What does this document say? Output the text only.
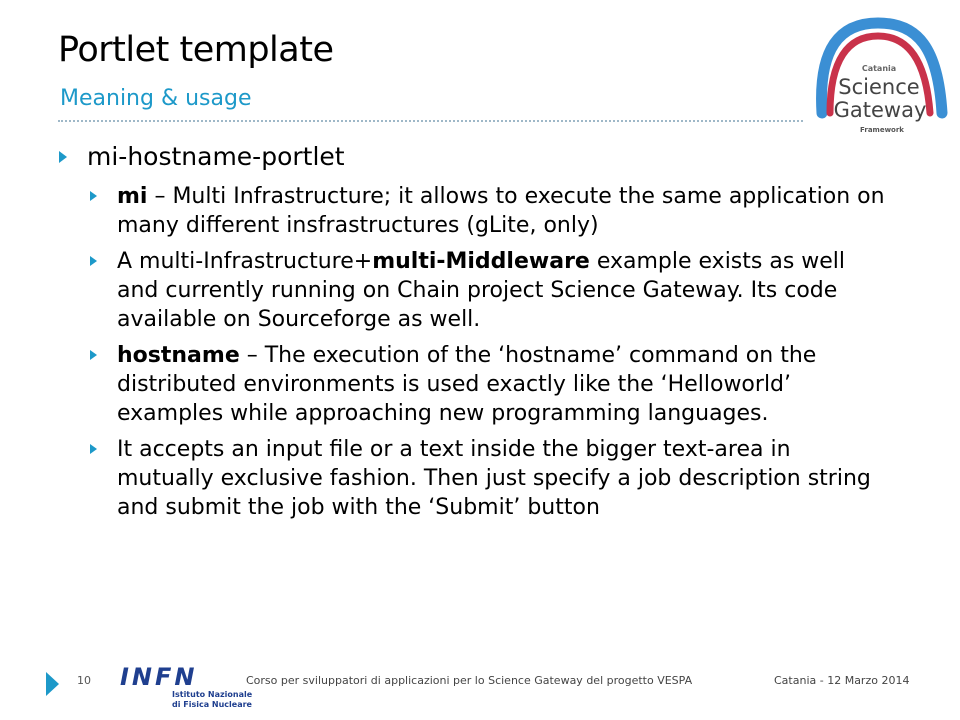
Portlet template
Meaning & usage
Catania
Science
Gateway
Framework
mi-hostname-portlet
mi – Multi Infrastructure; it allows to execute the same application on many different insfrastructures (gLite, only)
A multi-Infrastructure+multi-Middleware example exists as well and currently running on Chain project Science Gateway. Its code available on Sourceforge as well.
hostname – The execution of the ‘hostname’ command on the distributed environments is used exactly like the ‘Helloworld’ examples while approaching new programming languages.
It accepts an input file or a text inside the bigger text-area in mutually exclusive fashion. Then just specify a job description string and submit the job with the ‘Submit’ button
10 INFN
Istituto Nazionale
di Fisica Nucleare
Corso per sviluppatori di applicazioni per lo Science Gateway del progetto VESPA	Catania - 12 Marzo 2014
